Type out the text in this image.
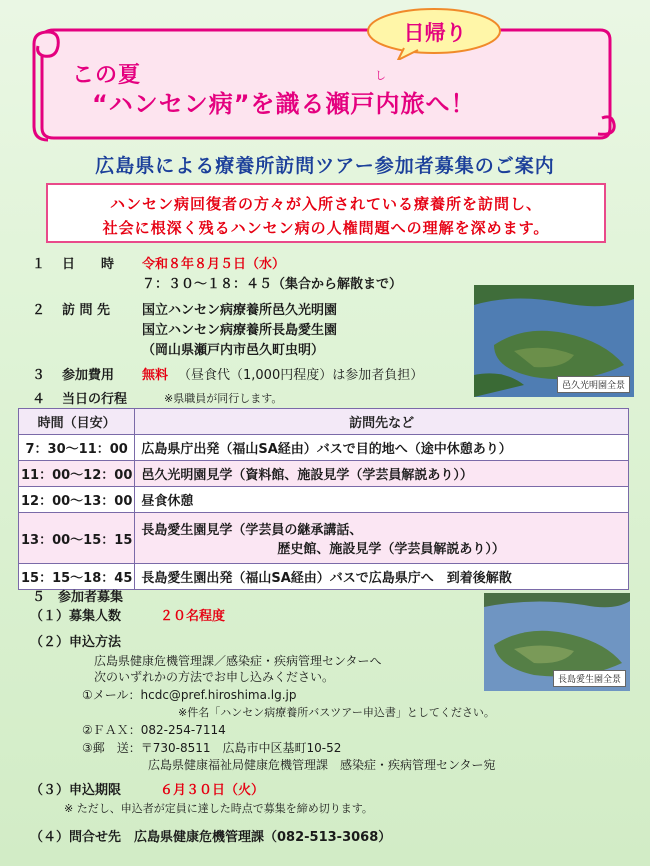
日帰り
この夏	し
“ハンセン病”を識る瀬戸内旅へ！
広島県による療養所訪問ツアー参加者募集のご案内
ハンセン病回復者の方々が入所されている療養所を訪問し、
社会に根深く残るハンセン病の人権問題への理解を深めます。
１ 日　　時 令和８年８月５日（水）
７：３０～１８：４５（集合から解散まで）
２ 訪 問 先 国立ハンセン病療養所邑久光明園
国立ハンセン病療養所長島愛生園
（岡山県瀬戸内市邑久町虫明）
３ 参加費用 無料 （昼食代（1,000円程度）は参加者負担）
４ 当日の行程	※県職員が同行します。
邑久光明園全景
時間（目安）	訪問先など
7：30～11：00	広島県庁出発（福山SA経由）バスで目的地へ（途中休憩あり）
11：00～12：00	邑久光明園見学（資料館、施設見学（学芸員解説あり））
12：00～13：00	昼食休憩
13：00～15：15	長島愛生園見学（学芸員の継承講話、
歴史館、施設見学（学芸員解説あり））

15：15～18：45	長島愛生園出発（福山SA経由）バスで広島県庁へ　到着後解散
５　参加者募集
（１）募集人数	２０名程度
（２）申込方法
広島県健康危機管理課／感染症・疾病管理センターへ
次のいずれかの方法でお申し込みください。
①メール：hcdc@pref.hiroshima.lg.jp
※件名「ハンセン病療養所バスツアー申込書」としてください。
②ＦＡＸ：082-254-7114
③郵　送：〒730-8511　広島市中区基町10-52
広島県健康福祉局健康危機管理課　感染症・疾病管理センター宛
（３）申込期限	６月３０日（火）
※ ただし、申込者が定員に達した時点で募集を締め切ります。
（４）問合せ先　広島県健康危機管理課（082-513-3068）
長島愛生園全景
